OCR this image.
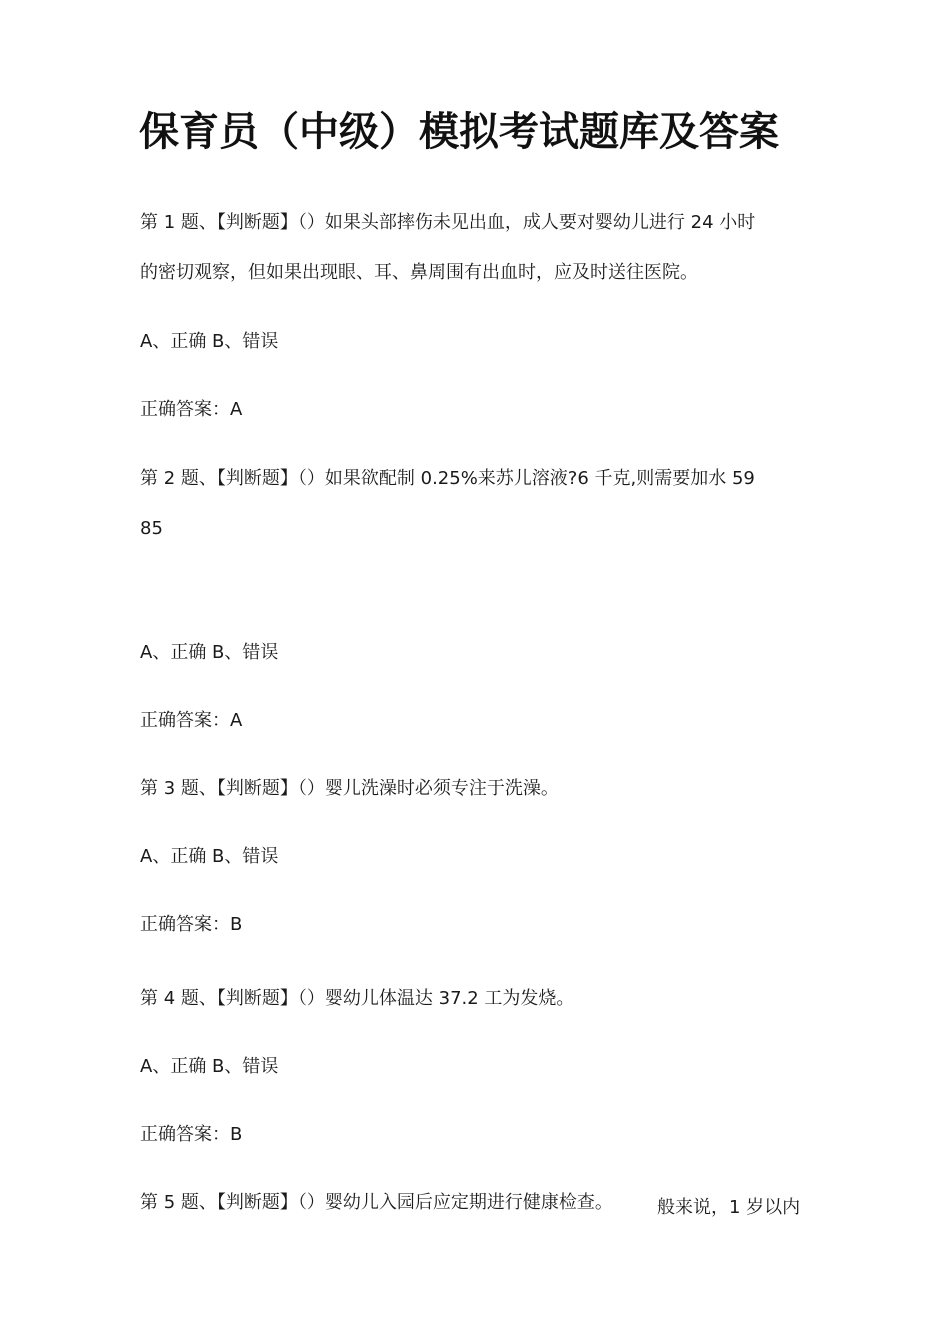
保育员（中级）模拟考试题库及答案
第 1 题、【判断题】（）如果头部摔伤未见出血，成人要对婴幼儿进行 24 小时
的密切观察，但如果出现眼、耳、鼻周围有出血时，应及时送往医院。
A、正确 B、错误
正确答案：A
第 2 题、【判断题】（）如果欲配制 0.25%来苏儿溶液?6 千克,则需要加水 59
85
A、正确 B、错误
正确答案：A
第 3 题、【判断题】（）婴儿洗澡时必须专注于洗澡。
A、正确 B、错误
正确答案：B
第 4 题、【判断题】（）婴幼儿体温达 37.2 工为发烧。
A、正确 B、错误
正确答案：B
第 5 题、【判断题】（）婴幼儿入园后应定期进行健康检查。 般来说，1 岁以内
